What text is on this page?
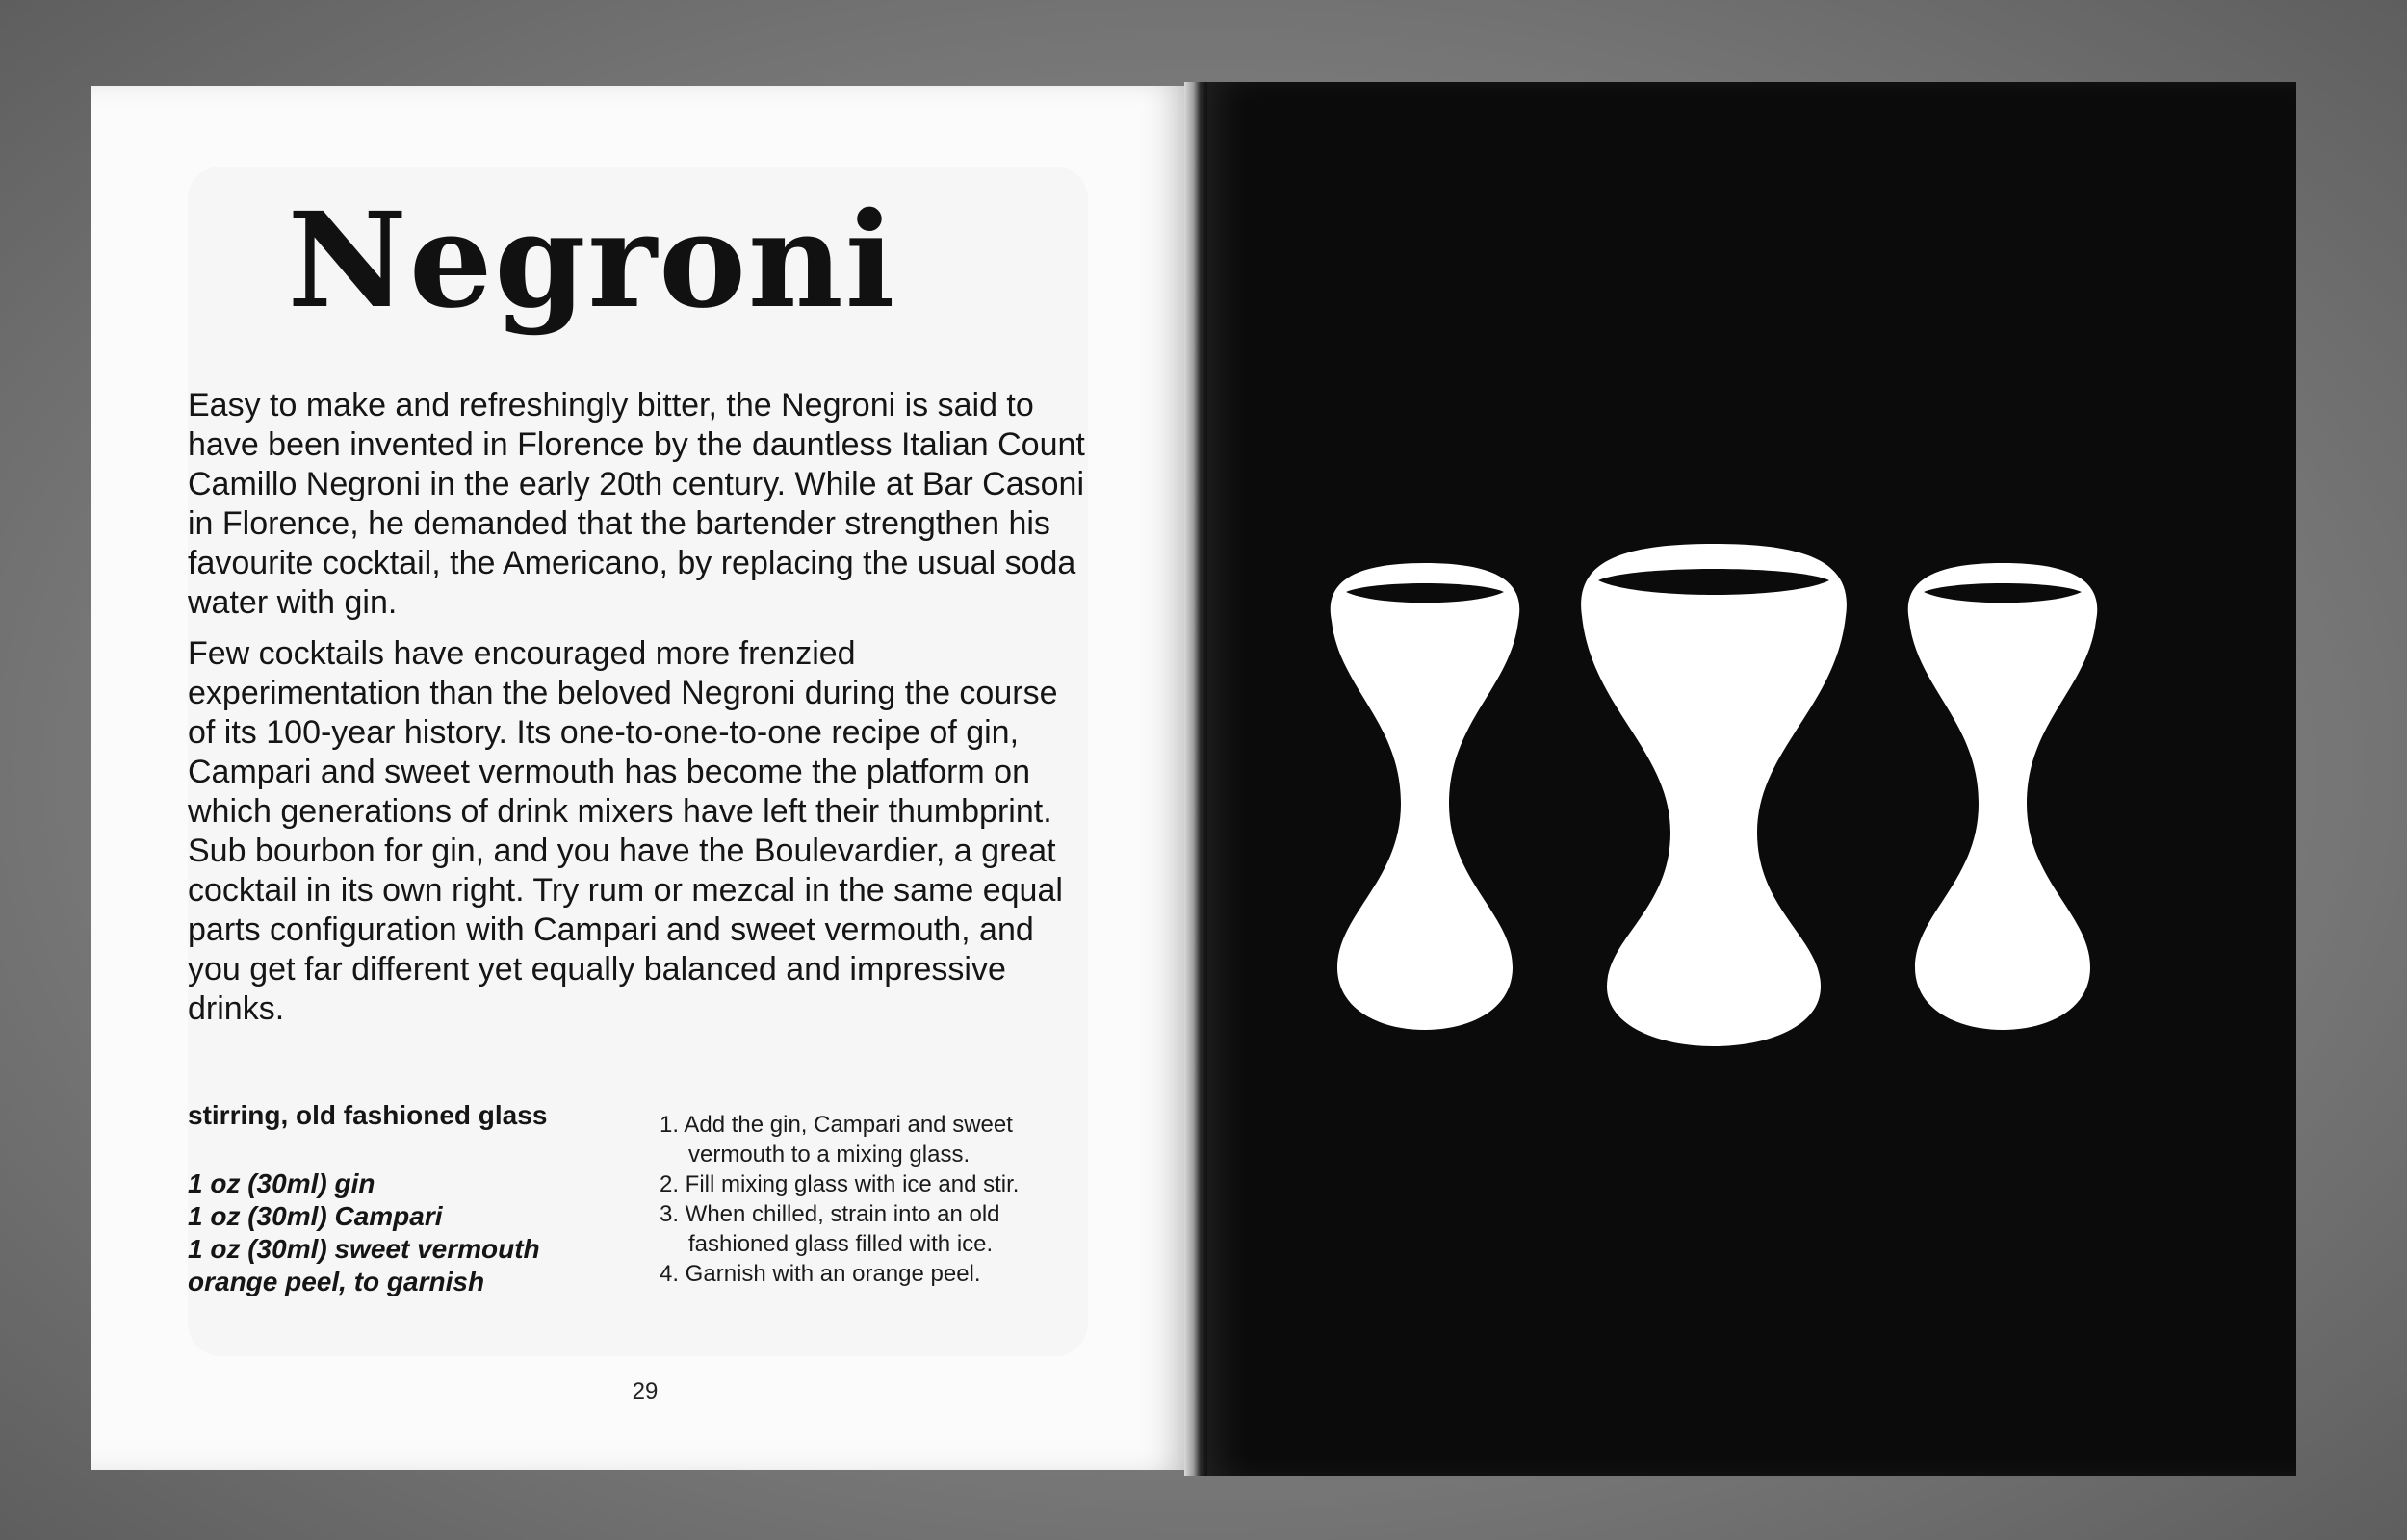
Negroni

Easy to make and refreshingly bitter, the Negroni is said to have been invented in Florence by the dauntless Italian Count Camillo Negroni in the early 20th century. While at Bar Casoni in Florence, he demanded that the bartender strengthen his favourite cocktail, the Americano, by replacing the usual soda water with gin.

Few cocktails have encouraged more frenzied experimentation than the beloved Negroni during the course of its 100-year history. Its one-to-one-to-one recipe of gin, Campari and sweet vermouth has become the platform on which generations of drink mixers have left their thumbprint. Sub bourbon for gin, and you have the Boulevardier, a great cocktail in its own right. Try rum or mezcal in the same equal parts configuration with Campari and sweet vermouth, and you get far different yet equally balanced and impressive drinks.

stirring, old fashioned glass
1 oz (30ml) gin
1 oz (30ml) Campari
1 oz (30ml) sweet vermouth
orange peel, to garnish
1. Add the gin, Campari and sweet vermouth to a mixing glass.
2. Fill mixing glass with ice and stir.
3. When chilled, strain into an old fashioned glass filled with ice.
4. Garnish with an orange peel.
29
